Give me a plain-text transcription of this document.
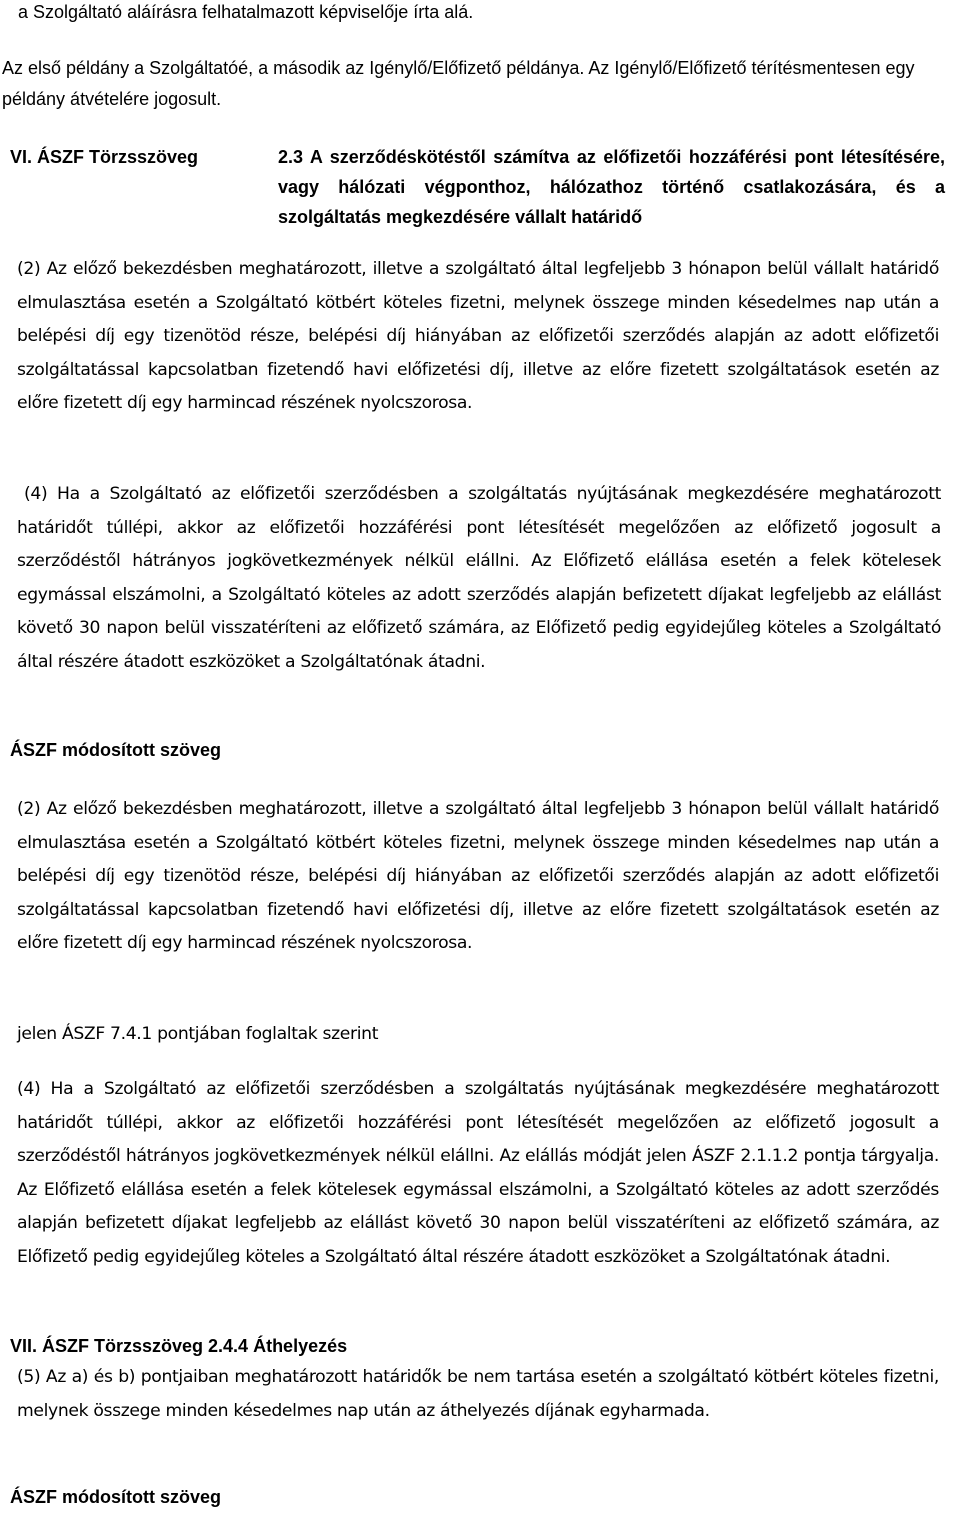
a Szolgáltató aláírásra felhatalmazott képviselője írta alá.

Az első példány a Szolgáltatóé, a második az Igénylő/Előfizető példánya. Az Igénylő/Előfizető térítésmentesen egy példány átvételére jogosult.

VI. ÁSZF Törzsszöveg	2.3 A szerződéskötéstől számítva az előfizetői hozzáférési pont létesítésére, vagy hálózati végponthoz, hálózathoz történő csatlakozására, és a szolgáltatás megkezdésére vállalt határidő

(2) Az előző bekezdésben meghatározott, illetve a szolgáltató által legfeljebb 3 hónapon belül vállalt határidő elmulasztása esetén a Szolgáltató kötbért köteles fizetni, melynek összege minden késedelmes nap után a belépési díj egy tizenötöd része, belépési díj hiányában az előfizetői szerződés alapján az adott előfizetői szolgáltatással kapcsolatban fizetendő havi előfizetési díj, illetve az előre fizetett szolgáltatások esetén az előre fizetett díj egy harmincad részének nyolcszorosa.

(4) Ha a Szolgáltató az előfizetői szerződésben a szolgáltatás nyújtásának megkezdésére meghatározott határidőt túllépi, akkor az előfizetői hozzáférési pont létesítését megelőzően az előfizető jogosult a szerződéstől hátrányos jogkövetkezmények nélkül elállni. Az Előfizető elállása esetén a felek kötelesek egymással elszámolni, a Szolgáltató köteles az adott szerződés alapján befizetett díjakat legfeljebb az elállást követő 30 napon belül visszatéríteni az előfizető számára, az Előfizető pedig egyidejűleg köteles a Szolgáltató által részére átadott eszközöket a Szolgáltatónak átadni.

ÁSZF módosított szöveg

(2) Az előző bekezdésben meghatározott, illetve a szolgáltató által legfeljebb 3 hónapon belül vállalt határidő elmulasztása esetén a Szolgáltató kötbért köteles fizetni, melynek összege minden késedelmes nap után a belépési díj egy tizenötöd része, belépési díj hiányában az előfizetői szerződés alapján az adott előfizetői szolgáltatással kapcsolatban fizetendő havi előfizetési díj, illetve az előre fizetett szolgáltatások esetén az előre fizetett díj egy harmincad részének nyolcszorosa.

jelen ÁSZF 7.4.1 pontjában foglaltak szerint

(4) Ha a Szolgáltató az előfizetői szerződésben a szolgáltatás nyújtásának megkezdésére meghatározott határidőt túllépi, akkor az előfizetői hozzáférési pont létesítését megelőzően az előfizető jogosult a szerződéstől hátrányos jogkövetkezmények nélkül elállni. Az elállás módját jelen ÁSZF 2.1.1.2 pontja tárgyalja. Az Előfizető elállása esetén a felek kötelesek egymással elszámolni, a Szolgáltató köteles az adott szerződés alapján befizetett díjakat legfeljebb az elállást követő 30 napon belül visszatéríteni az előfizető számára, az Előfizető pedig egyidejűleg köteles a Szolgáltató által részére átadott eszközöket a Szolgáltatónak átadni.

VII. ÁSZF Törzsszöveg 2.4.4 Áthelyezés

(5) Az a) és b) pontjaiban meghatározott határidők be nem tartása esetén a szolgáltató kötbért köteles fizetni, melynek összege minden késedelmes nap után az áthelyezés díjának egyharmada.

ÁSZF módosított szöveg
